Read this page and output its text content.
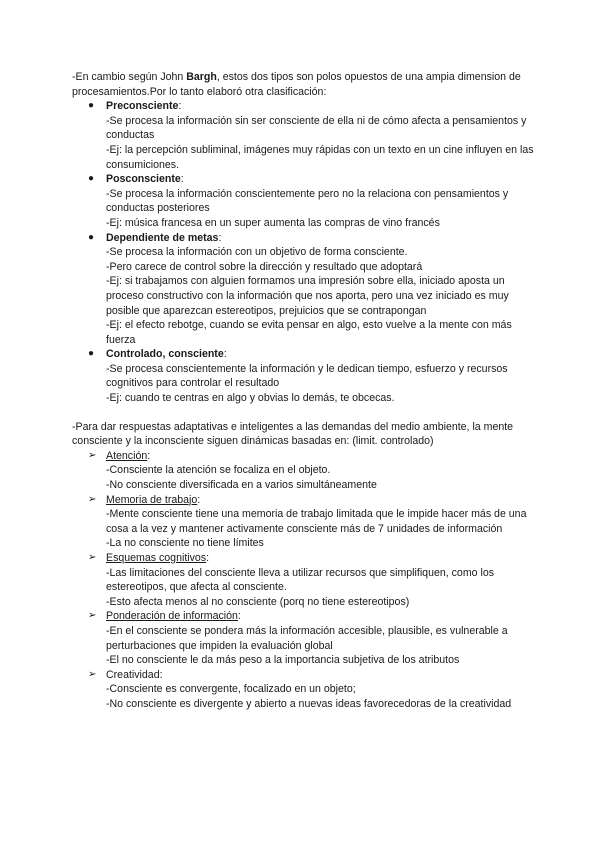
-En cambio según John Bargh, estos dos tipos son polos opuestos de una ampia dimension de procesamientos.Por lo tanto elaboró otra clasificación:

●	Preconsciente:

-Se procesa la información sin ser consciente de ella ni de cómo afecta a pensamientos y conductas

-Ej: la percepción subliminal, imágenes muy rápidas con un texto en un cine influyen en las consumiciones.

●	Posconsciente:

-Se procesa la información conscientemente pero no la relaciona con pensamientos y conductas posteriores

-Ej: música francesa en un super aumenta las compras de vino francés

●	Dependiente de metas:

-Se procesa la información con un objetivo de forma consciente.

-Pero carece de control sobre la dirección y resultado que adoptará

-Ej: si trabajamos con alguien formamos una impresión sobre ella, iniciado aposta un proceso constructivo con la información que nos aporta, pero una vez iniciado es muy posible que aparezcan estereotipos, prejuicios que se contrapongan

-Ej: el efecto rebotge, cuando se evita pensar en algo, esto vuelve a la mente con más fuerza

●	Controlado, consciente:

-Se procesa conscientemente la información y le dedican tiempo, esfuerzo y recursos cognitivos para controlar el resultado

-Ej: cuando te centras en algo y obvias lo demás, te obcecas.

-Para dar respuestas adaptativas e inteligentes a las demandas del medio ambiente, la mente consciente y la inconsciente siguen dinámicas basadas en: (limit. controlado)

➢ Atención:

-Consciente la atención se focaliza en el objeto.

-No consciente diversificada en a varios simultáneamente

➢ Memoria de trabajo:

-Mente consciente tiene una memoria de trabajo limitada que le impide hacer más de una cosa a la vez y mantener activamente consciente más de 7 unidades de información

-La no consciente no tiene límites

➢ Esquemas cognitivos:

-Las limitaciones del consciente lleva a utilizar recursos que simplifiquen, como los estereotipos, que afecta al consciente.

-Esto afecta menos al no consciente (porq no tiene estereotipos)

➢ Ponderación de información:

-En el consciente se pondera más la información accesible, plausible, es vulnerable a perturbaciones que impiden la evaluación global

-El no consciente le da más peso a la importancia subjetiva de los atributos

➢ Creatividad:

-Consciente es convergente, focalizado en un objeto;

-No consciente es divergente y abierto a nuevas ideas favorecedoras de la creatividad
